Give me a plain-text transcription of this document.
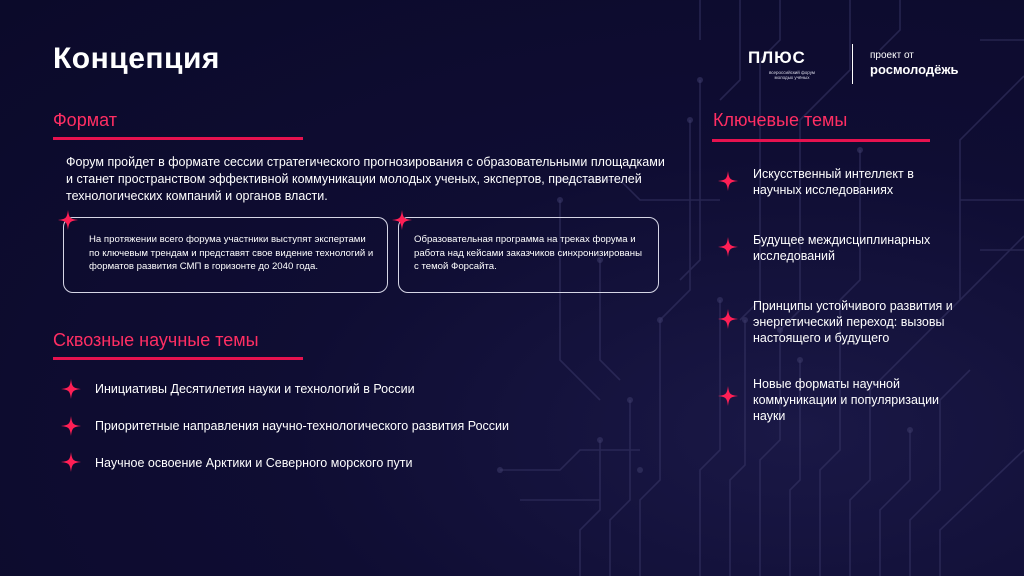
Концепция	ПЛЮС
всероссийский форум молодых учёных
проект от
росмолодёжь
Формат
Форум пройдет в формате сессии стратегического прогнозирования с образовательными площадками и станет пространством эффективной коммуникации молодых ученых, экспертов, представителей технологических компаний и органов власти.
На протяжении всего форума участники выступят экспертами по ключевым трендам и представят свое видение технологий и форматов развития СМП в горизонте до 2040 года.
Образовательная программа на треках форума и работа над кейсами заказчиков синхронизированы с темой Форсайта.
Сквозные научные темы
Инициативы Десятилетия науки и технологий в России
Приоритетные направления научно-технологического развития России
Научное освоение Арктики и Северного морского пути
Ключевые темы
Искусственный интеллект в научных исследованиях
Будущее междисциплинарных исследований
Принципы устойчивого развития и энергетический переход: вызовы настоящего и будущего
Новые форматы научной коммуникации и популяризации науки
